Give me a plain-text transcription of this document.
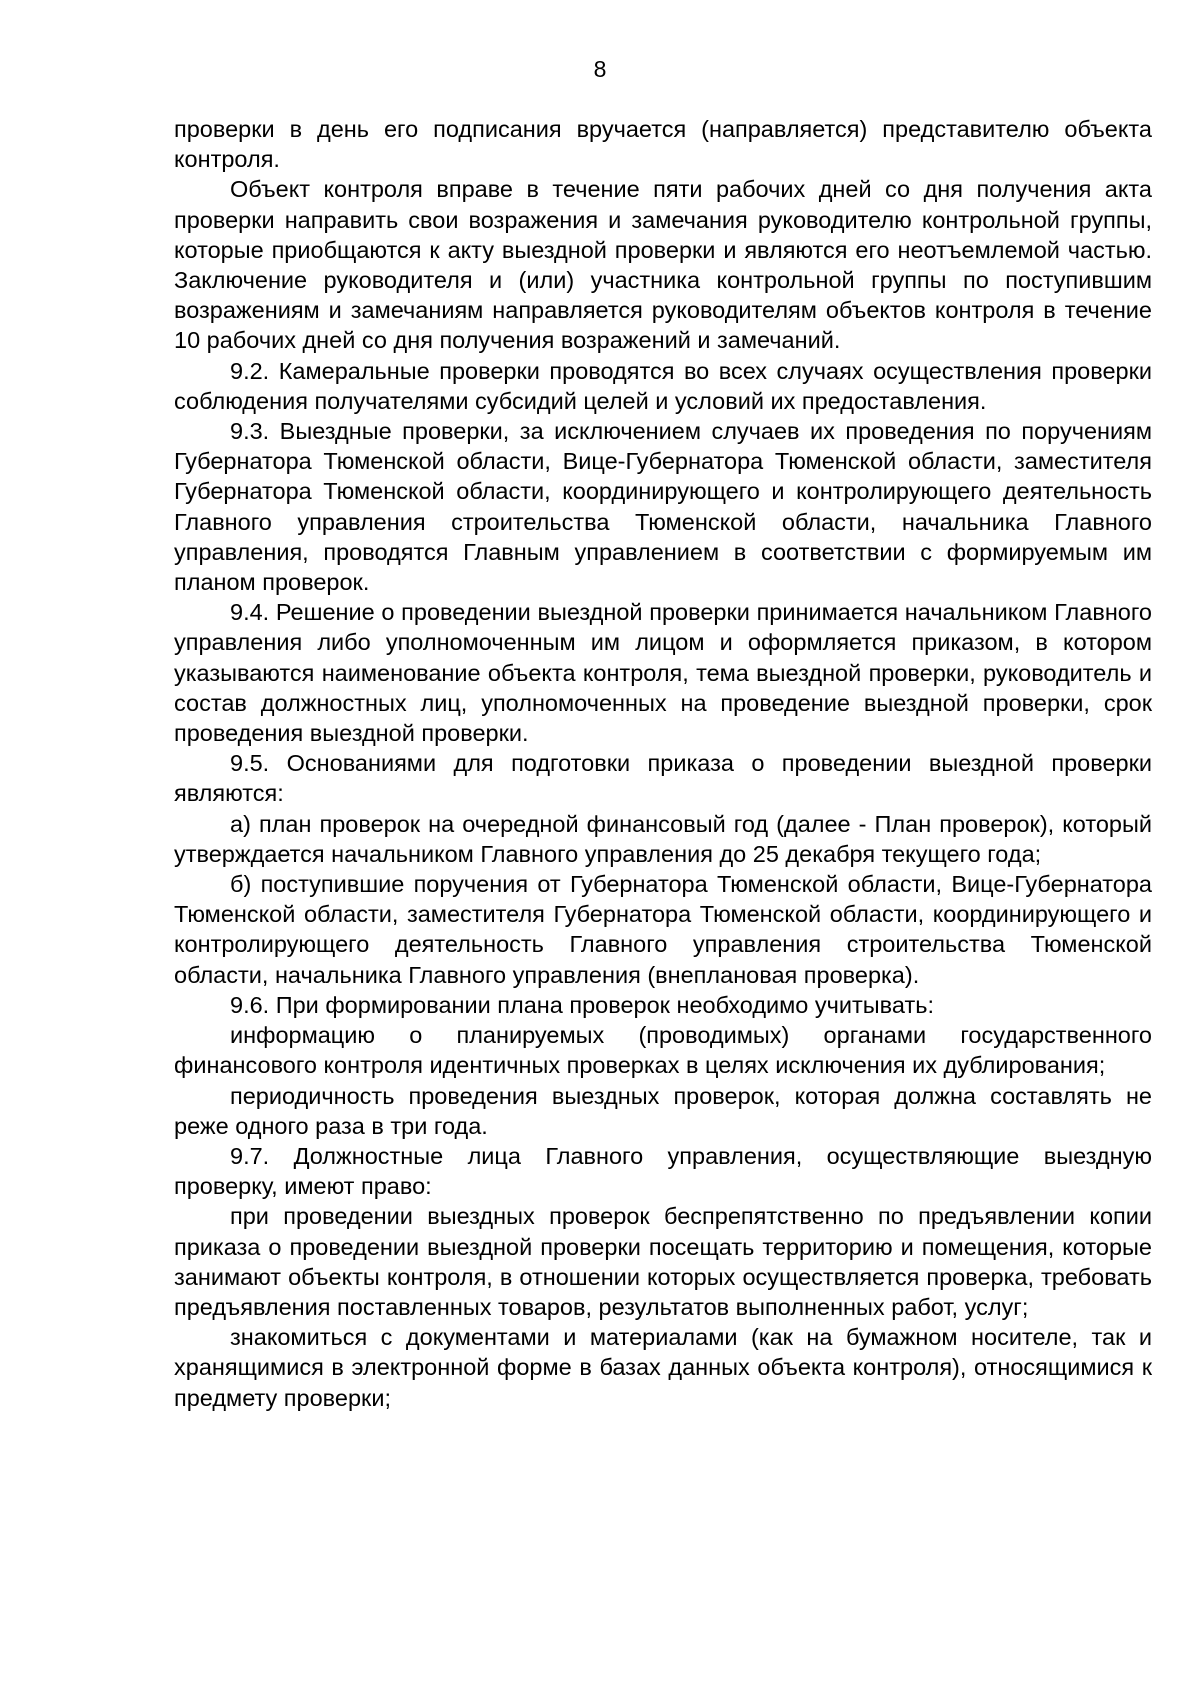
8

проверки в день его подписания вручается (направляется) представителю объекта контроля.

Объект контроля вправе в течение пяти рабочих дней со дня получения акта проверки направить свои возражения и замечания руководителю контрольной группы, которые приобщаются к акту выездной проверки и являются его неотъемлемой частью. Заключение руководителя и (или) участника контрольной группы по поступившим возражениям и замечаниям направляется руководителям объектов контроля в течение 10 рабочих дней со дня получения возражений и замечаний.

9.2. Камеральные проверки проводятся во всех случаях осуществления проверки соблюдения получателями субсидий целей и условий их предоставления.

9.3. Выездные проверки, за исключением случаев их проведения по поручениям Губернатора Тюменской области, Вице-Губернатора Тюменской области, заместителя Губернатора Тюменской области, координирующего и контролирующего деятельность Главного управления строительства Тюменской области, начальника Главного управления, проводятся Главным управлением в соответствии с формируемым им планом проверок.

9.4. Решение о проведении выездной проверки принимается начальником Главного управления либо уполномоченным им лицом и оформляется приказом, в котором указываются наименование объекта контроля, тема выездной проверки, руководитель и состав должностных лиц, уполномоченных на проведение выездной проверки, срок проведения выездной проверки.

9.5. Основаниями для подготовки приказа о проведении выездной проверки являются:

а) план проверок на очередной финансовый год (далее - План проверок), который утверждается начальником Главного управления до 25 декабря текущего года;

б) поступившие поручения от Губернатора Тюменской области, Вице-Губернатора Тюменской области, заместителя Губернатора Тюменской области, координирующего и контролирующего деятельность Главного управления строительства Тюменской области, начальника Главного управления (внеплановая проверка).

9.6. При формировании плана проверок необходимо учитывать:

информацию о планируемых (проводимых) органами государственного финансового контроля идентичных проверках в целях исключения их дублирования;

периодичность проведения выездных проверок, которая должна составлять не реже одного раза в три года.

9.7. Должностные лица Главного управления, осуществляющие выездную проверку, имеют право:

при проведении выездных проверок беспрепятственно по предъявлении копии приказа о проведении выездной проверки посещать территорию и помещения, которые занимают объекты контроля, в отношении которых осуществляется проверка, требовать предъявления поставленных товаров, результатов выполненных работ, услуг;

знакомиться с документами и материалами (как на бумажном носителе, так и хранящимися в электронной форме в базах данных объекта контроля), относящимися к предмету проверки;
